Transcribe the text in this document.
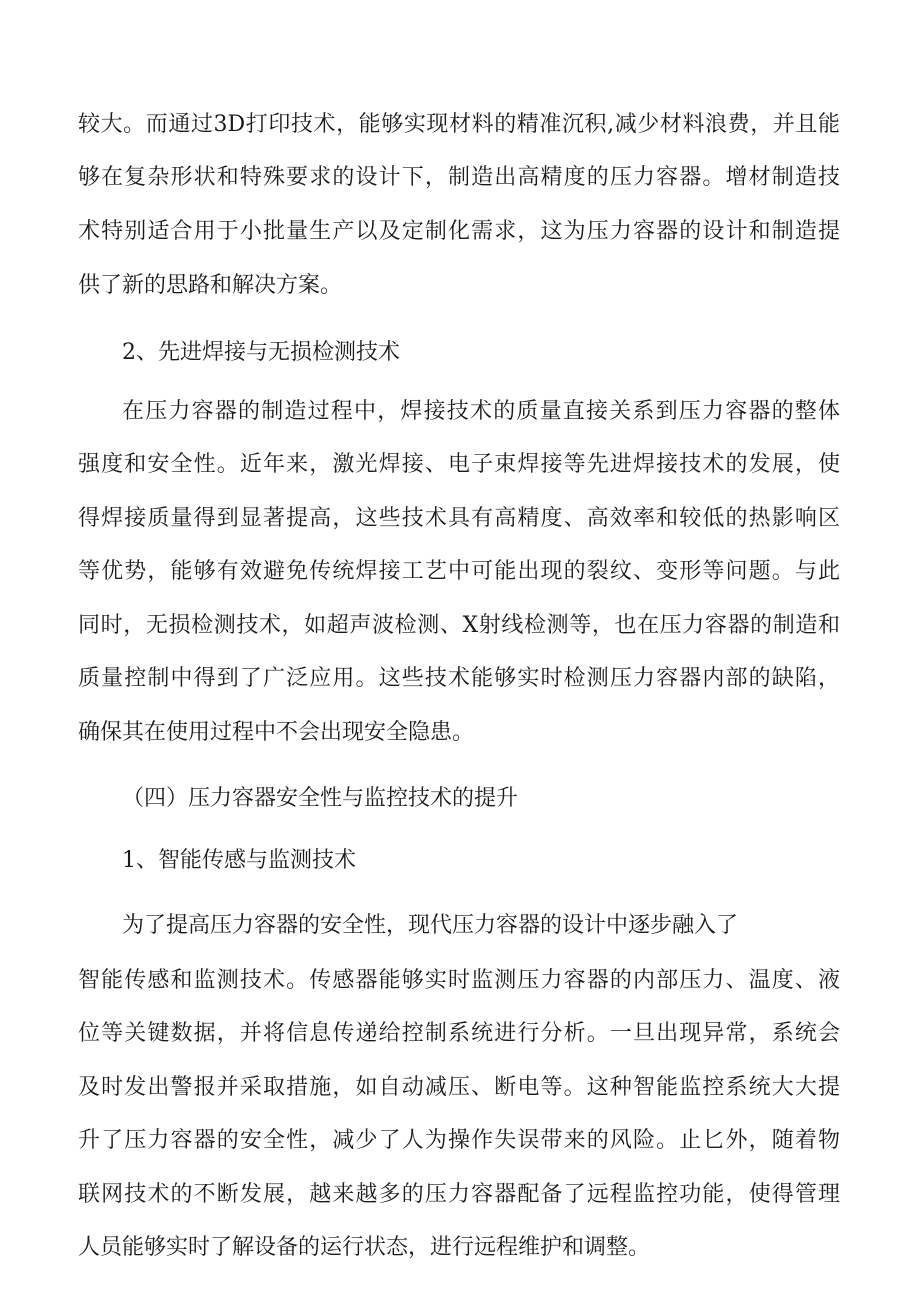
较大。而通过3D打印技术，能够实现材料的精准沉积,减少材料浪费，并且能
够在复杂形状和特殊要求的设计下，制造出高精度的压力容器。增材制造技
术特别适合用于小批量生产以及定制化需求，这为压力容器的设计和制造提
供了新的思路和解决方案。
2、先进焊接与无损检测技术
在压力容器的制造过程中，焊接技术的质量直接关系到压力容器的整体
强度和安全性。近年来，激光焊接、电子束焊接等先进焊接技术的发展，使
得焊接质量得到显著提高，这些技术具有高精度、高效率和较低的热影响区
等优势，能够有效避免传统焊接工艺中可能出现的裂纹、变形等问题。与此
同时，无损检测技术，如超声波检测、X射线检测等，也在压力容器的制造和
质量控制中得到了广泛应用。这些技术能够实时检测压力容器内部的缺陷，
确保其在使用过程中不会出现安全隐患。
（四）压力容器安全性与监控技术的提升
1、智能传感与监测技术
为了提高压力容器的安全性，现代压力容器的设计中逐步融入了
智能传感和监测技术。传感器能够实时监测压力容器的内部压力、温度、液
位等关键数据，并将信息传递给控制系统进行分析。一旦出现异常，系统会
及时发出警报并采取措施，如自动减压、断电等。这种智能监控系统大大提
升了压力容器的安全性，减少了人为操作失误带来的风险。止匕外，随着物
联网技术的不断发展，越来越多的压力容器配备了远程监控功能，使得管理
人员能够实时了解设备的运行状态，进行远程维护和调整。
